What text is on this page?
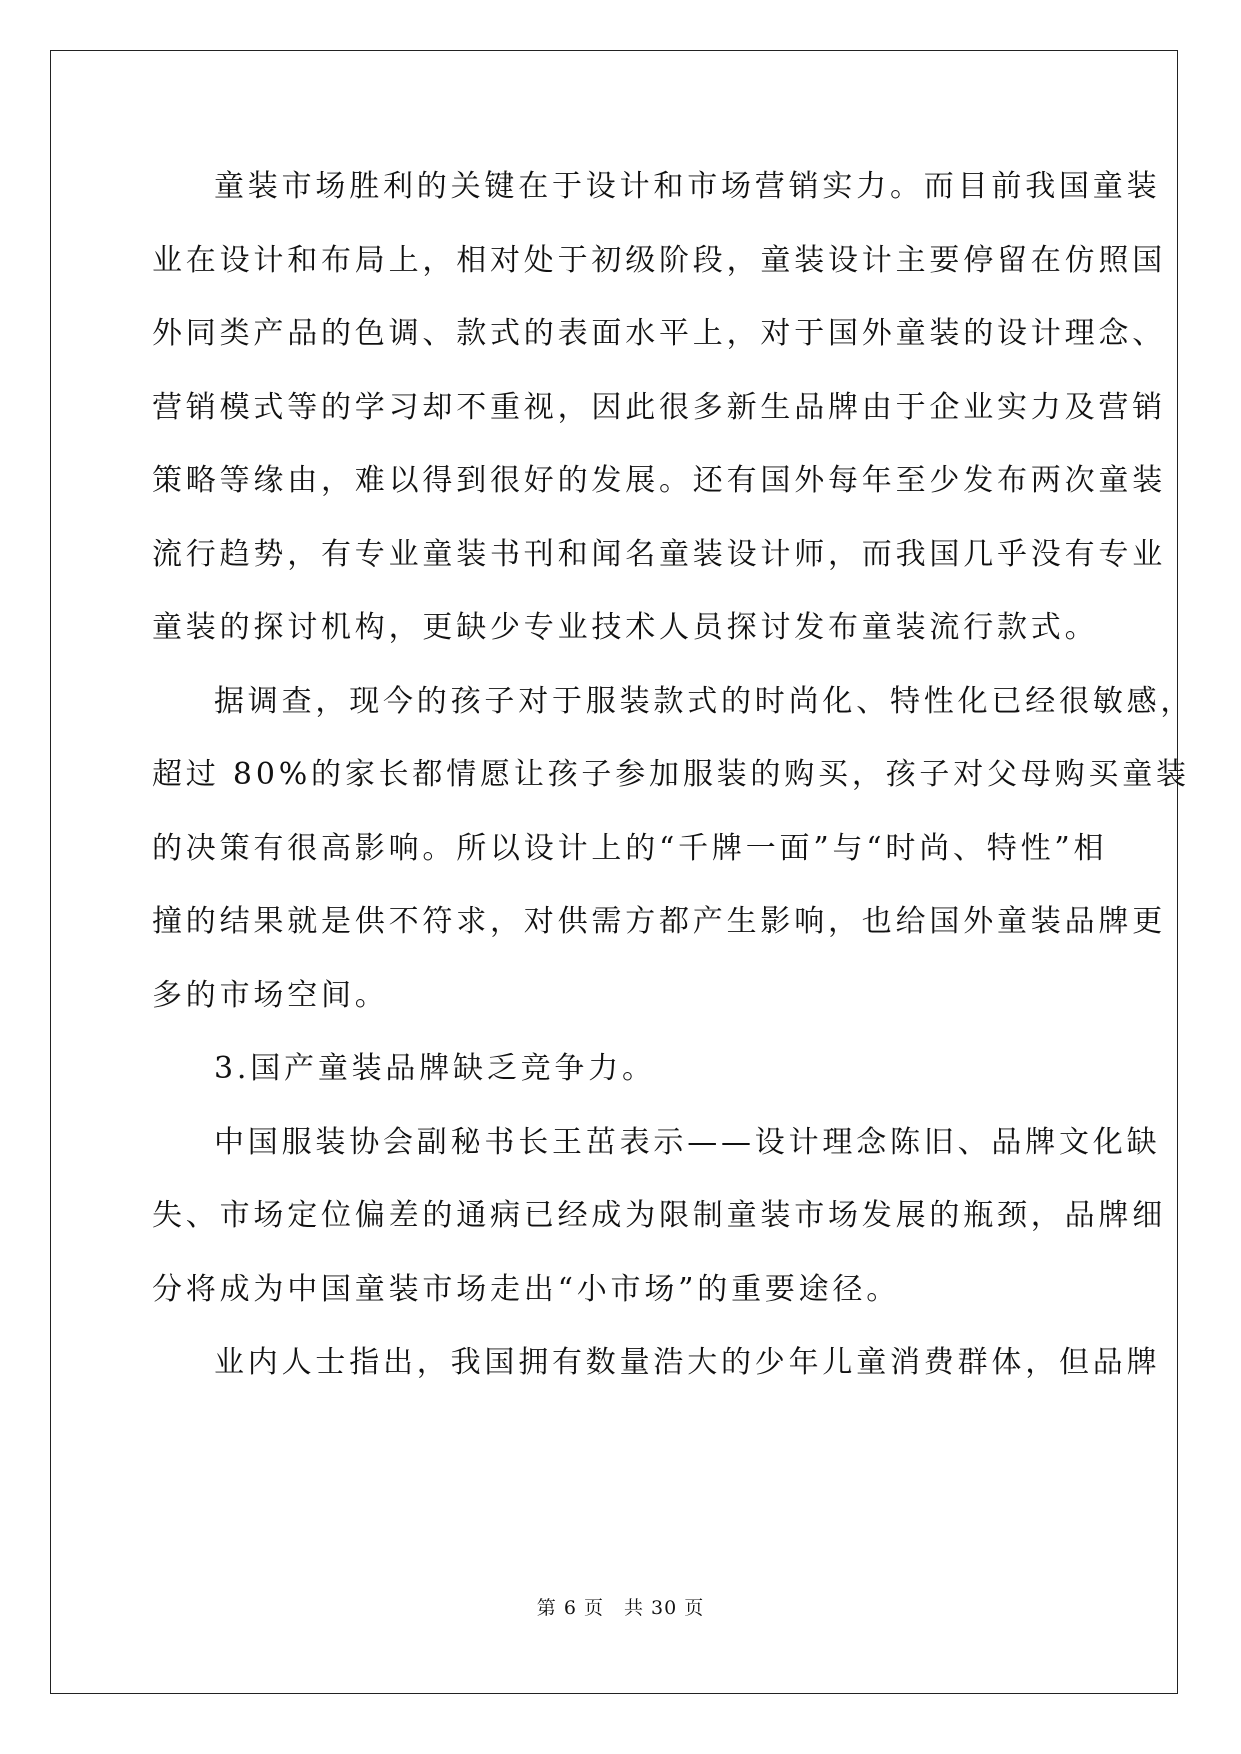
童装市场胜利的关键在于设计和市场营销实力。而目前我国童装
业在设计和布局上，相对处于初级阶段，童装设计主要停留在仿照国
外同类产品的色调、款式的表面水平上，对于国外童装的设计理念、
营销模式等的学习却不重视，因此很多新生品牌由于企业实力及营销
策略等缘由，难以得到很好的发展。还有国外每年至少发布两次童装
流行趋势，有专业童装书刊和闻名童装设计师，而我国几乎没有专业
童装的探讨机构，更缺少专业技术人员探讨发布童装流行款式。
据调查，现今的孩子对于服装款式的时尚化、特性化已经很敏感，
超过 80%的家长都情愿让孩子参加服装的购买，孩子对父母购买童装
的决策有很高影响。所以设计上的“千牌一面”与“时尚、特性”相
撞的结果就是供不符求，对供需方都产生影响，也给国外童装品牌更
多的市场空间。
3.国产童装品牌缺乏竞争力。
中国服装协会副秘书长王茁表示——设计理念陈旧、品牌文化缺
失、市场定位偏差的通病已经成为限制童装市场发展的瓶颈，品牌细
分将成为中国童装市场走出“小市场”的重要途径。
业内人士指出，我国拥有数量浩大的少年儿童消费群体，但品牌
第 6 页 共 30 页
